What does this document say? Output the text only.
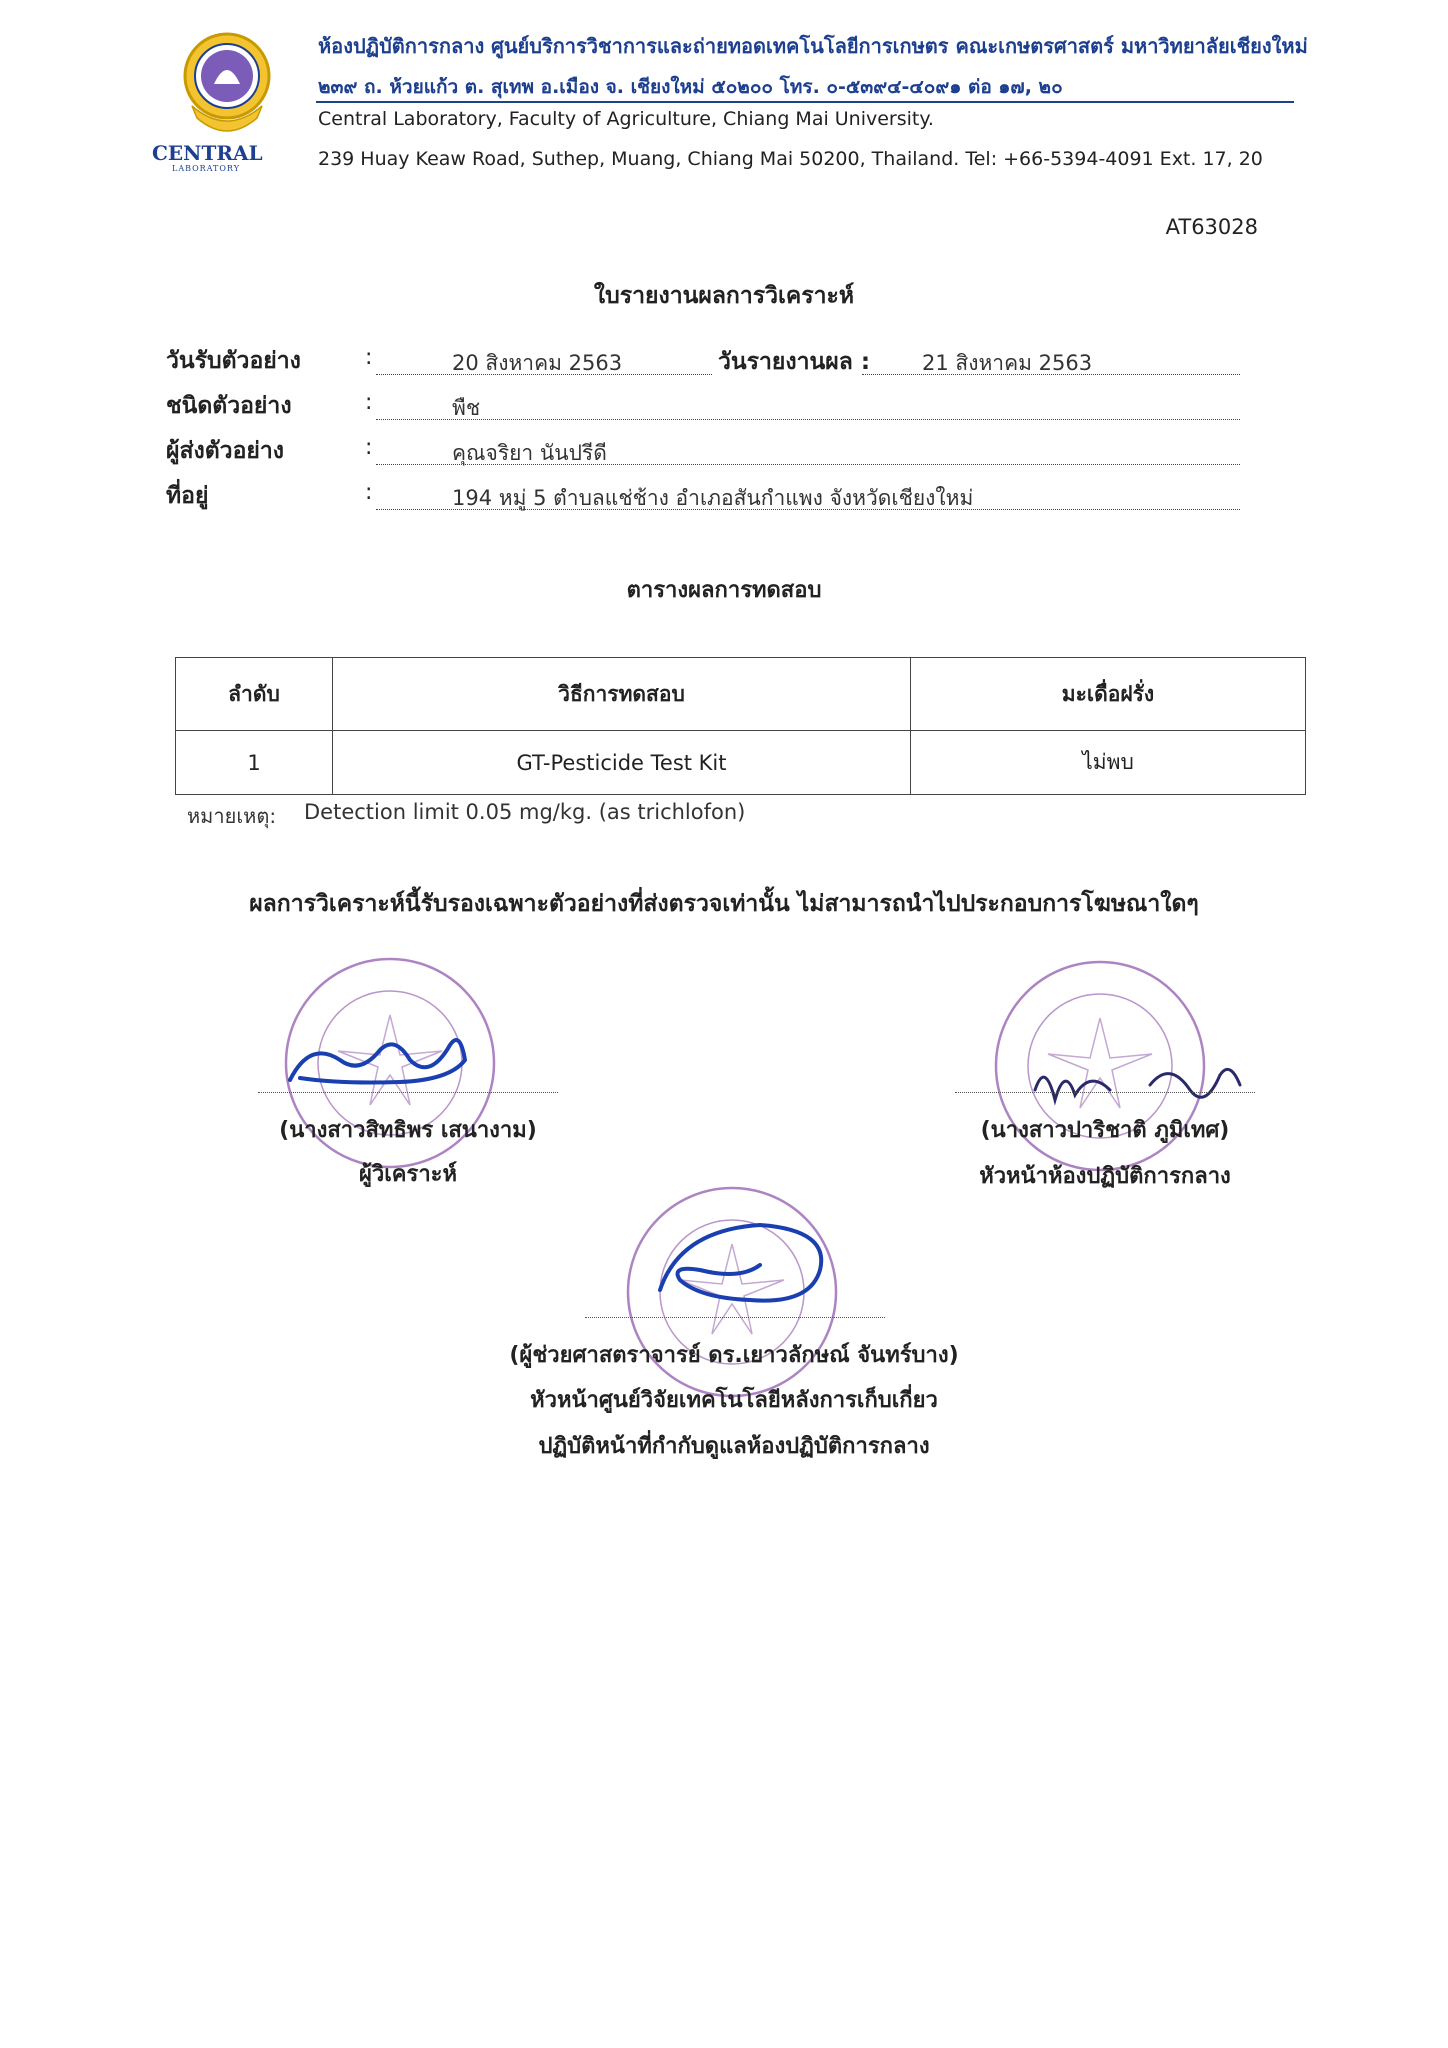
CENTRAL
LABORATORY
ห้องปฏิบัติการกลาง ศูนย์บริการวิชาการและถ่ายทอดเทคโนโลยีการเกษตร คณะเกษตรศาสตร์ มหาวิทยาลัยเชียงใหม่
๒๓๙ ถ. ห้วยแก้ว ต. สุเทพ อ.เมือง จ. เชียงใหม่ ๕๐๒๐๐ โทร. ๐-๕๓๙๔-๔๐๙๑ ต่อ ๑๗, ๒๐
Central Laboratory, Faculty of Agriculture, Chiang Mai University.
239 Huay Keaw Road, Suthep, Muang, Chiang Mai 50200, Thailand. Tel: +66-5394-4091 Ext. 17, 20
AT63028
ใบรายงานผลการวิเคราะห์
วันรับตัวอย่าง	:	20 สิงหาคม 2563	วันรายงานผล : 21 สิงหาคม 2563
ชนิดตัวอย่าง	:	พืช
ผู้ส่งตัวอย่าง	:	คุณจริยา นันปรีดี
ที่อยู่	:	194 หมู่ 5 ตำบลแช่ช้าง อำเภอสันกำแพง จังหวัดเชียงใหม่
ตารางผลการทดสอบ
ลำดับ	วิธีการทดสอบ	มะเดื่อฝรั่ง
1	GT-Pesticide Test Kit	ไม่พบ
หมายเหตุ: Detection limit 0.05 mg/kg. (as trichlofon)
ผลการวิเคราะห์นี้รับรองเฉพาะตัวอย่างที่ส่งตรวจเท่านั้น ไม่สามารถนำไปประกอบการโฆษณาใดๆ
(นางสาวสิทธิพร เสนางาม)
ผู้วิเคราะห์
(นางสาวปาริชาติ ภูมิเทศ)
หัวหน้าห้องปฏิบัติการกลาง
(ผู้ช่วยศาสตราจารย์ ดร.เยาวลักษณ์ จันทร์บาง)
หัวหน้าศูนย์วิจัยเทคโนโลยีหลังการเก็บเกี่ยว
ปฏิบัติหน้าที่กำกับดูแลห้องปฏิบัติการกลาง
